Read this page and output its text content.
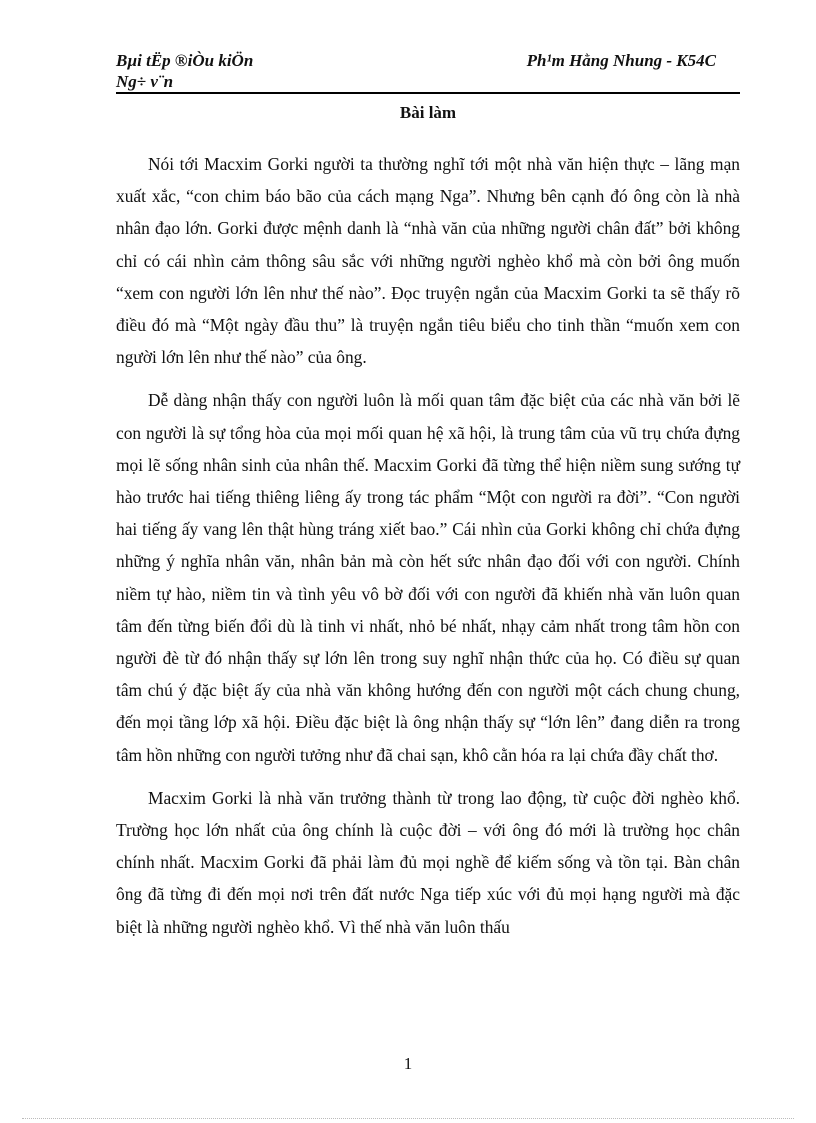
Bµi tËp ®iÒu kiÖn
Ng÷ v¨n
Ph¹m Hằng Nhung - K54C
Bài làm

Nói tới Macxim Gorki người ta thường nghĩ tới một nhà văn hiện thực – lãng mạn xuất xắc, “con chim báo bão của cách mạng Nga”. Nhưng bên cạnh đó ông còn là nhà nhân đạo lớn. Gorki được mệnh danh là “nhà văn của những người chân đất” bởi không chỉ có cái nhìn cảm thông sâu sắc với những người nghèo khổ mà còn bởi ông muốn “xem con người lớn lên như thế nào”. Đọc truyện ngắn của Macxim Gorki ta sẽ thấy rõ điều đó mà “Một ngày đầu thu” là truyện ngắn tiêu biểu cho tinh thần “muốn xem con người lớn lên như thế nào” của ông.

Dễ dàng nhận thấy con người luôn là mối quan tâm đặc biệt của các nhà văn bởi lẽ con người là sự tổng hòa của mọi mối quan hệ xã hội, là trung tâm của vũ trụ chứa đựng mọi lẽ sống nhân sinh của nhân thế. Macxim Gorki đã từng thể hiện niềm sung sướng tự hào trước hai tiếng thiêng liêng ấy trong tác phẩm “Một con người ra đời”. “Con người hai tiếng ấy vang lên thật hùng tráng xiết bao.” Cái nhìn của Gorki không chỉ chứa đựng những ý nghĩa nhân văn, nhân bản mà còn hết sức nhân đạo đối với con người. Chính niềm tự hào, niềm tin và tình yêu vô bờ đối với con người đã khiến nhà văn luôn quan tâm đến từng biến đổi dù là tinh vi nhất, nhỏ bé nhất, nhạy cảm nhất trong tâm hồn con người đè từ đó nhận thấy sự lớn lên trong suy nghĩ nhận thức của họ. Có điều sự quan tâm chú ý đặc biệt ấy của nhà văn không hướng đến con người một cách chung chung, đến mọi tầng lớp xã hội. Điều đặc biệt là ông nhận thấy sự “lớn lên” đang diễn ra trong tâm hồn những con người tưởng như đã chai sạn, khô cằn hóa ra lại chứa đầy chất thơ.

Macxim Gorki là nhà văn trưởng thành từ trong lao động, từ cuộc đời nghèo khổ. Trường học lớn nhất của ông chính là cuộc đời – với ông đó mới là trường học chân chính nhất. Macxim Gorki đã phải làm đủ mọi nghề để kiếm sống và tồn tại. Bàn chân ông đã từng đi đến mọi nơi trên đất nước Nga tiếp xúc với đủ mọi hạng người mà đặc biệt là những người nghèo khổ. Vì thế nhà văn luôn thấu

1
